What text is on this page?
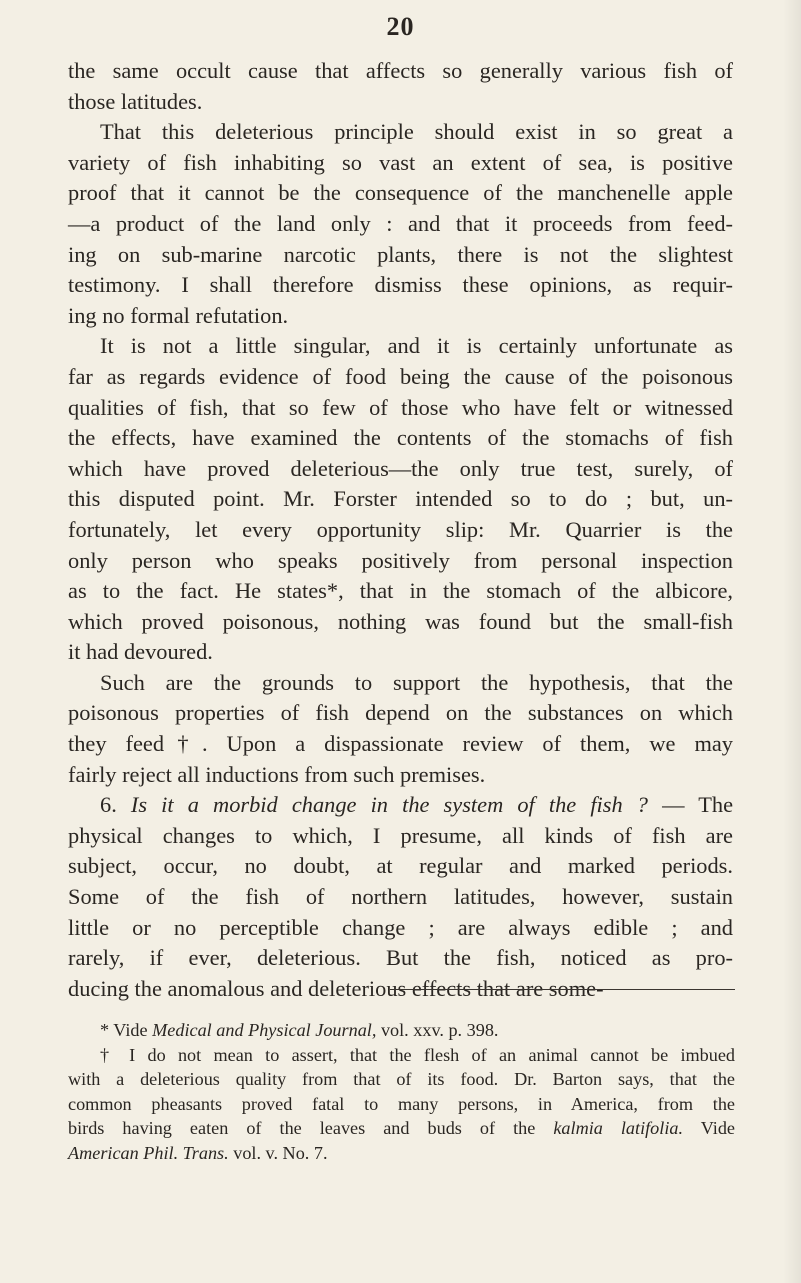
20

the same occult cause that affects so generally various fish of

those latitudes.

That this deleterious principle should exist in so great a

variety of fish inhabiting so vast an extent of sea, is positive

proof that it cannot be the consequence of the manchenelle apple

—a product of the land only : and that it proceeds from feed-

ing on sub-marine narcotic plants, there is not the slightest

testimony. I shall therefore dismiss these opinions, as requir-

ing no formal refutation.

It is not a little singular, and it is certainly unfortunate as

far as regards evidence of food being the cause of the poisonous

qualities of fish, that so few of those who have felt or witnessed

the effects, have examined the contents of the stomachs of fish

which have proved deleterious—the only true test, surely, of

this disputed point. Mr. Forster intended so to do ; but, un-

fortunately, let every opportunity slip: Mr. Quarrier is the

only person who speaks positively from personal inspection

as to the fact. He states*, that in the stomach of the albicore,

which proved poisonous, nothing was found but the small-fish

it had devoured.

Such are the grounds to support the hypothesis, that the

poisonous properties of fish depend on the substances on which

they feed†. Upon a dispassionate review of them, we may

fairly reject all inductions from such premises.

6. Is it a morbid change in the system of the fish ? — The

physical changes to which, I presume, all kinds of fish are

subject, occur, no doubt, at regular and marked periods.

Some of the fish of northern latitudes, however, sustain

little or no perceptible change ; are always edible ; and

rarely, if ever, deleterious. But the fish, noticed as pro-

ducing the anomalous and deleterious effects that are some-

* Vide Medical and Physical Journal, vol. xxv. p. 398.

† I do not mean to assert, that the flesh of an animal cannot be imbued

with a deleterious quality from that of its food. Dr. Barton says, that the

common pheasants proved fatal to many persons, in America, from the

birds having eaten of the leaves and buds of the kalmia latifolia. Vide

American Phil. Trans. vol. v. No. 7.
